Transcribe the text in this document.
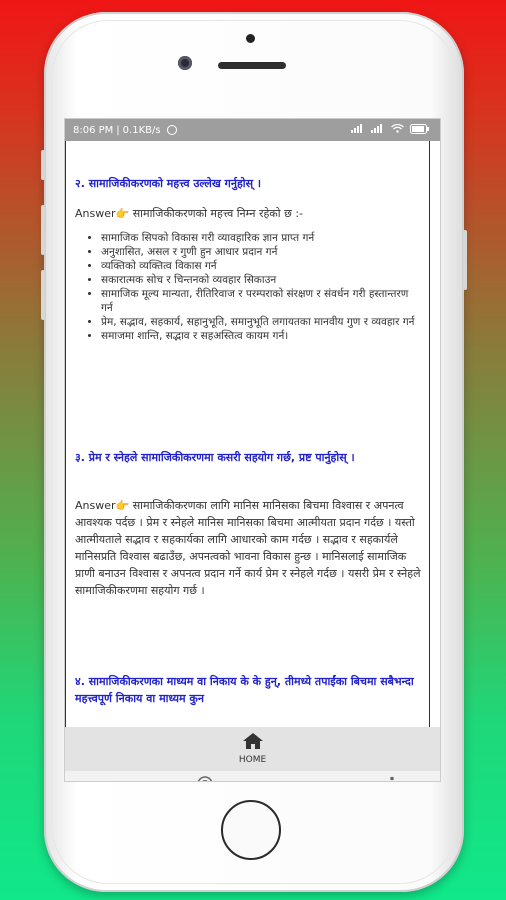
8:06 PM | 0.1KB/s

२. सामाजिकीकरणको महत्त्व उल्लेख गर्नुहोस् ।

Answer👉 सामाजिकीकरणको महत्त्व निम्न रहेको छ :-

• सामाजिक सिपको विकास गरी व्यावहारिक ज्ञान प्राप्त गर्न
• अनुशासित, असल र गुणी हुन आधार प्रदान गर्न
• व्यक्तिको व्यक्तित्व विकास गर्न
• सकारात्मक सोच र चिन्तनको व्यवहार सिकाउन
• सामाजिक मूल्य मान्यता, रीतिरिवाज र परम्पराको संरक्षण र संवर्धन गरी हस्तान्तरण गर्न
• प्रेम, सद्भाव, सहकार्य, सहानुभूति, समानुभूति लगायतका मानवीय गुण र व्यवहार गर्न
• समाजमा शान्ति, सद्भाव र सहअस्तित्व कायम गर्न।

३. प्रेम र स्नेहले सामाजिकीकरणमा कसरी सहयोग गर्छ, प्रष्ट पार्नुहोस् ।

Answer👉 सामाजिकीकरणका लागि मानिस मानिसका बिचमा विश्वास र अपनत्व आवश्यक पर्दछ । प्रेम र स्नेहले मानिस मानिसका बिचमा आत्मीयता प्रदान गर्दछ । यस्तो आत्मीयताले सद्भाव र सहकार्यका लागि आधारको काम गर्दछ । सद्भाव र सहकार्यले मानिसप्रति विश्वास बढाउँछ, अपनत्वको भावना विकास हुन्छ । मानिसलाई सामाजिक प्राणी बनाउन विश्वास र अपनत्व प्रदान गर्ने कार्य प्रेम र स्नेहले गर्दछ । यसरी प्रेम र स्नेहले सामाजिकीकरणमा सहयोग गर्छ ।

४. सामाजिकीकरणका माध्यम वा निकाय के के हुन्, तीमध्ये तपाईंका बिचमा सबैभन्दा महत्त्वपूर्ण निकाय वा माध्यम कुन

HOME
